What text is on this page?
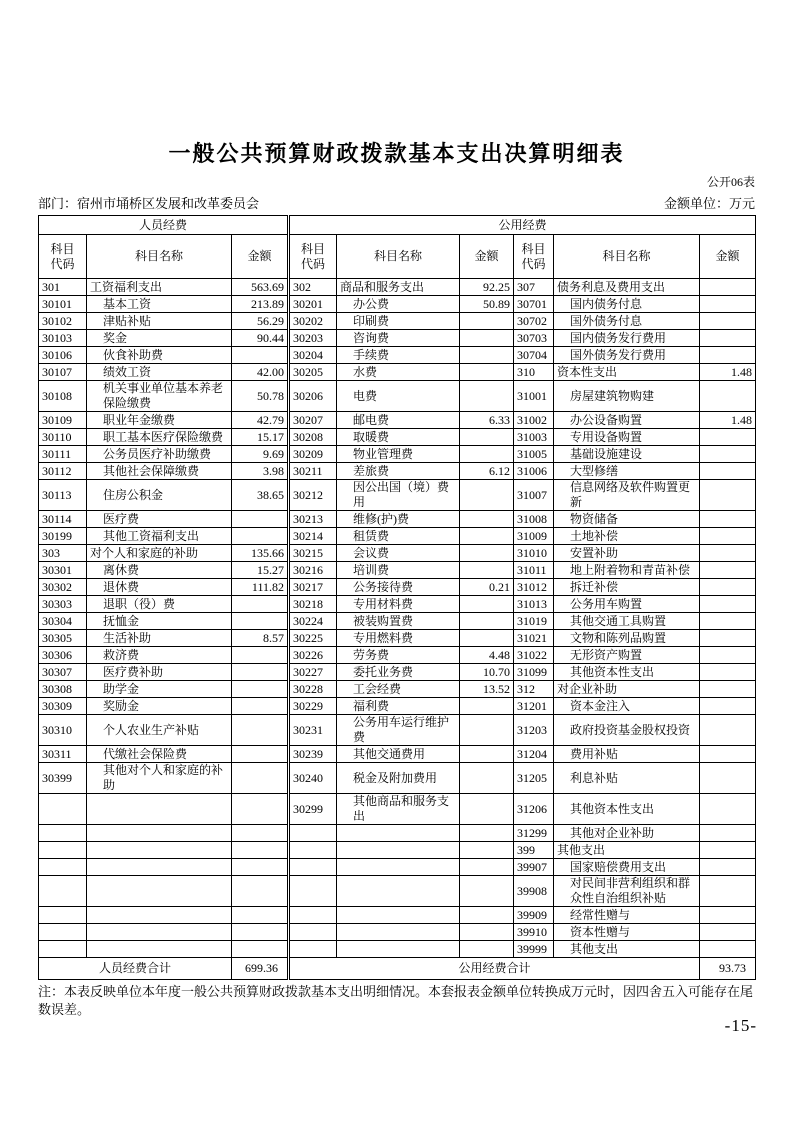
一般公共预算财政拨款基本支出决算明细表
公开06表
部门：宿州市埇桥区发展和改革委员会	金额单位：万元
人员经费			公用经费					
科目代码	科目名称	金额	科目代码	科目名称	金额	科目代码	科目名称	金额
301	工资福利支出	563.69	302	商品和服务支出	92.25	307	债务利息及费用支出	
30101	基本工资	213.89	30201	办公费	50.89	30701	国内债务付息	
30102	津贴补贴	56.29	30202	印刷费		30702	国外债务付息	
30103	奖金	90.44	30203	咨询费		30703	国内债务发行费用	
30106	伙食补助费		30204	手续费		30704	国外债务发行费用	
30107	绩效工资	42.00	30205	水费		310	资本性支出	1.48
30108	机关事业单位基本养老保险缴费	50.78	30206	电费		31001	房屋建筑物购建	
30109	职业年金缴费	42.79	30207	邮电费	6.33	31002	办公设备购置	1.48
30110	职工基本医疗保险缴费	15.17	30208	取暖费		31003	专用设备购置	
30111	公务员医疗补助缴费	9.69	30209	物业管理费		31005	基础设施建设	
30112	其他社会保障缴费	3.98	30211	差旅费	6.12	31006	大型修缮	
30113	住房公积金	38.65	30212	因公出国（境）费用		31007	信息网络及软件购置更新	
30114	医疗费		30213	维修(护)费		31008	物资储备	
30199	其他工资福利支出		30214	租赁费		31009	土地补偿	
303	对个人和家庭的补助	135.66	30215	会议费		31010	安置补助	
30301	离休费	15.27	30216	培训费		31011	地上附着物和青苗补偿	
30302	退休费	111.82	30217	公务接待费	0.21	31012	拆迁补偿	
30303	退职（役）费		30218	专用材料费		31013	公务用车购置	
30304	抚恤金		30224	被装购置费		31019	其他交通工具购置	
30305	生活补助	8.57	30225	专用燃料费		31021	文物和陈列品购置	
30306	救济费		30226	劳务费	4.48	31022	无形资产购置	
30307	医疗费补助		30227	委托业务费	10.70	31099	其他资本性支出	
30308	助学金		30228	工会经费	13.52	312	对企业补助	
30309	奖励金		30229	福利费		31201	资本金注入	
30310	个人农业生产补贴		30231	公务用车运行维护费		31203	政府投资基金股权投资	
30311	代缴社会保险费		30239	其他交通费用		31204	费用补贴	
30399	其他对个人和家庭的补助		30240	税金及附加费用		31205	利息补贴	
			30299	其他商品和服务支出		31206	其他资本性支出	
						31299	其他对企业补助	
						399	其他支出	
						39907	国家赔偿费用支出	
						39908	对民间非营利组织和群众性自治组织补贴	
						39909	经常性赠与	
						39910	资本性赠与	
						39999	其他支出	
人员经费合计		699.36	公用经费合计					93.73
注：本表反映单位本年度一般公共预算财政拨款基本支出明细情况。本套报表金额单位转换成万元时，因四舍五入可能存在尾数误差。
-15-
